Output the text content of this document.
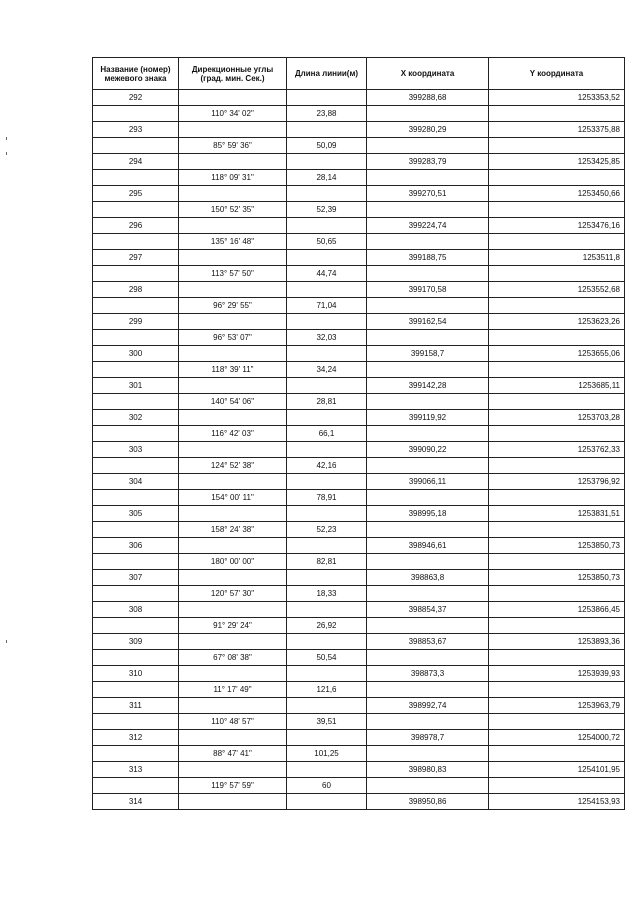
Название (номер) межевого знака	Дирекционные углы (град. мин. Сек.)	Длина линии(м)	Х координата	Y координата
292			399288,68	1253353,52
	110° 34' 02"	23,88		
293			399280,29	1253375,88
	85° 59' 36"	50,09		
294			399283,79	1253425,85
	118° 09' 31"	28,14		
295			399270,51	1253450,66
	150° 52' 35"	52,39		
296			399224,74	1253476,16
	135° 16' 48"	50,65		
297			399188,75	1253511,8
	113° 57' 50"	44,74		
298			399170,58	1253552,68
	96° 29' 55"	71,04		
299			399162,54	1253623,26
	96° 53' 07"	32,03		
300			399158,7	1253655,06
	118° 39' 11"	34,24		
301			399142,28	1253685,11
	140° 54' 06"	28,81		
302			399119,92	1253703,28
	116° 42' 03"	66,1		
303			399090,22	1253762,33
	124° 52' 38"	42,16		
304			399066,11	1253796,92
	154° 00' 11"	78,91		
305			398995,18	1253831,51
	158° 24' 38"	52,23		
306			398946,61	1253850,73
	180° 00' 00"	82,81		
307			398863,8	1253850,73
	120° 57' 30"	18,33		
308			398854,37	1253866,45
	91° 29' 24"	26,92		
309			398853,67	1253893,36
	67° 08' 38"	50,54		
310			398873,3	1253939,93
	11° 17' 49"	121,6		
311			398992,74	1253963,79
	110° 48' 57"	39,51		
312			398978,7	1254000,72
	88° 47' 41"	101,25		
313			398980,83	1254101,95
	119° 57' 59"	60		
314			398950,86	1254153,93
